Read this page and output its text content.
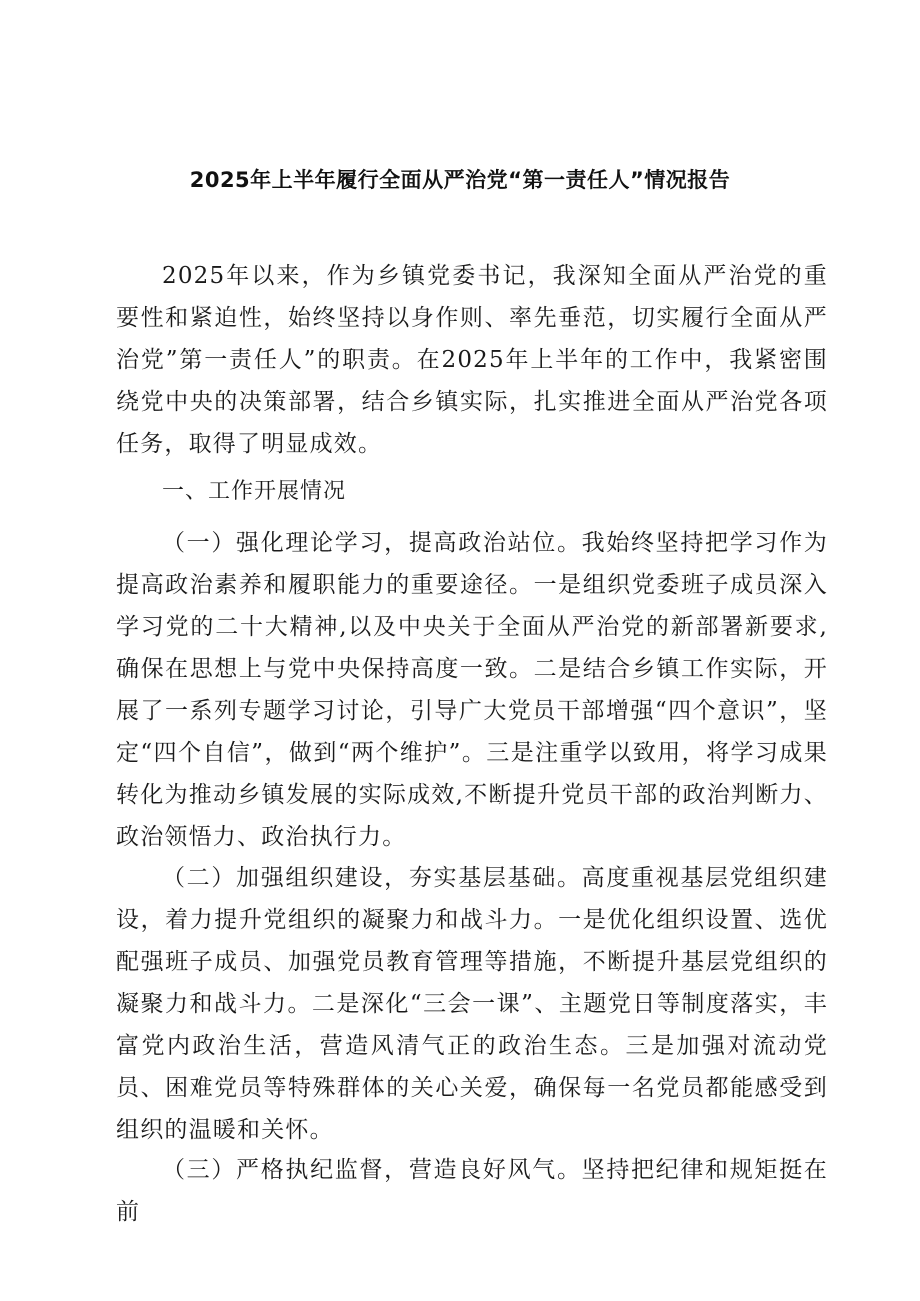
2025年上半年履行全面从严治党“第一责任人”情况报告

2025年以来，作为乡镇党委书记，我深知全面从严治党的重要性和紧迫性，始终坚持以身作则、率先垂范，切实履行全面从严治党”第一责任人”的职责。在2025年上半年的工作中，我紧密围绕党中央的决策部署，结合乡镇实际，扎实推进全面从严治党各项任务，取得了明显成效。

一、工作开展情况

（一）强化理论学习，提高政治站位。我始终坚持把学习作为提高政治素养和履职能力的重要途径。一是组织党委班子成员深入学习党的二十大精神,以及中央关于全面从严治党的新部署新要求,确保在思想上与党中央保持高度一致。二是结合乡镇工作实际，开展了一系列专题学习讨论，引导广大党员干部增强“四个意识”，坚定“四个自信”，做到“两个维护”。三是注重学以致用，将学习成果转化为推动乡镇发展的实际成效,不断提升党员干部的政治判断力、政治领悟力、政治执行力。

（二）加强组织建设，夯实基层基础。高度重视基层党组织建设，着力提升党组织的凝聚力和战斗力。一是优化组织设置、选优配强班子成员、加强党员教育管理等措施，不断提升基层党组织的凝聚力和战斗力。二是深化“三会一课”、主题党日等制度落实，丰富党内政治生活，营造风清气正的政治生态。三是加强对流动党员、困难党员等特殊群体的关心关爱，确保每一名党员都能感受到组织的温暖和关怀。

（三）严格执纪监督，营造良好风气。坚持把纪律和规矩挺在前
